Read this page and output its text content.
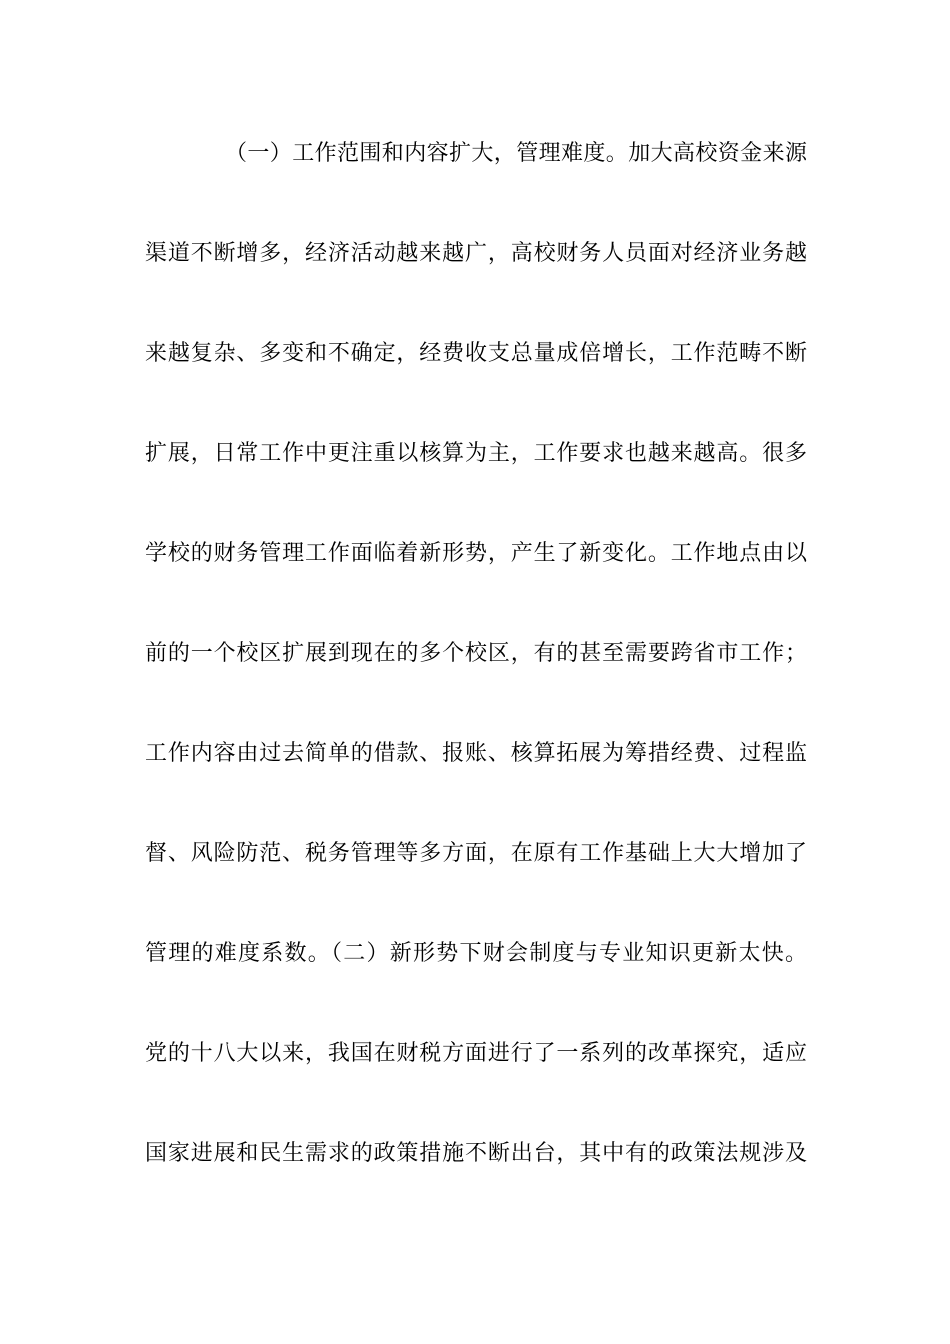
（一）工作范围和内容扩大，管理难度。加大高校资金来源
渠道不断增多，经济活动越来越广，高校财务人员面对经济业务越
来越复杂、多变和不确定，经费收支总量成倍增长，工作范畴不断
扩展，日常工作中更注重以核算为主，工作要求也越来越高。很多
学校的财务管理工作面临着新形势，产生了新变化。工作地点由以
前的一个校区扩展到现在的多个校区，有的甚至需要跨省市工作；
工作内容由过去简单的借款、报账、核算拓展为筹措经费、过程监
督、风险防范、税务管理等多方面，在原有工作基础上大大增加了
管理的难度系数。（二）新形势下财会制度与专业知识更新太快。
党的十八大以来，我国在财税方面进行了一系列的改革探究，适应
国家进展和民生需求的政策措施不断出台，其中有的政策法规涉及
